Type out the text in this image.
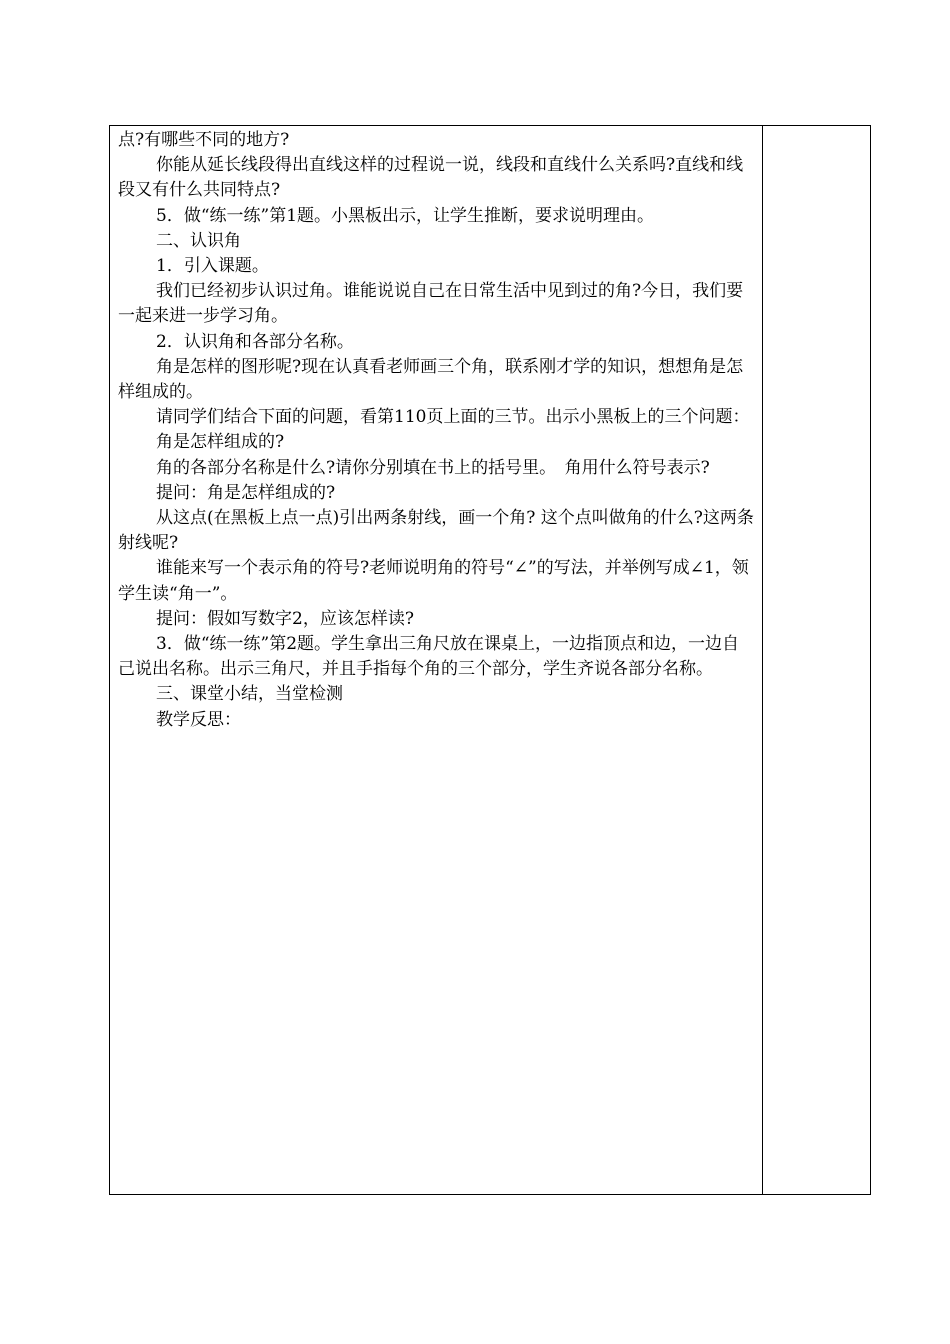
点?有哪些不同的地方?

你能从延长线段得出直线这样的过程说一说，线段和直线什么关系吗?直线和线段又有什么共同特点?

5．做“练一练”第1题。小黑板出示，让学生推断，要求说明理由。

二、认识角

1．引入课题。

我们已经初步认识过角。谁能说说自己在日常生活中见到过的角?今日，我们要一起来进一步学习角。

2．认识角和各部分名称。

角是怎样的图形呢?现在认真看老师画三个角，联系刚才学的知识，想想角是怎样组成的。

请同学们结合下面的问题，看第110页上面的三节。出示小黑板上的三个问题：

角是怎样组成的?

角的各部分名称是什么?请你分别填在书上的括号里。　角用什么符号表示?

提问：角是怎样组成的?

从这点(在黑板上点一点)引出两条射线，画一个角? 这个点叫做角的什么?这两条射线呢?

谁能来写一个表示角的符号?老师说明角的符号“∠”的写法，并举例写成∠1，领学生读“角一”。

提问：假如写数字2，应该怎样读?

3．做“练一练”第2题。学生拿出三角尺放在课桌上，一边指顶点和边，一边自己说出名称。出示三角尺，并且手指每个角的三个部分，学生齐说各部分名称。

三、课堂小结，当堂检测

教学反思：
